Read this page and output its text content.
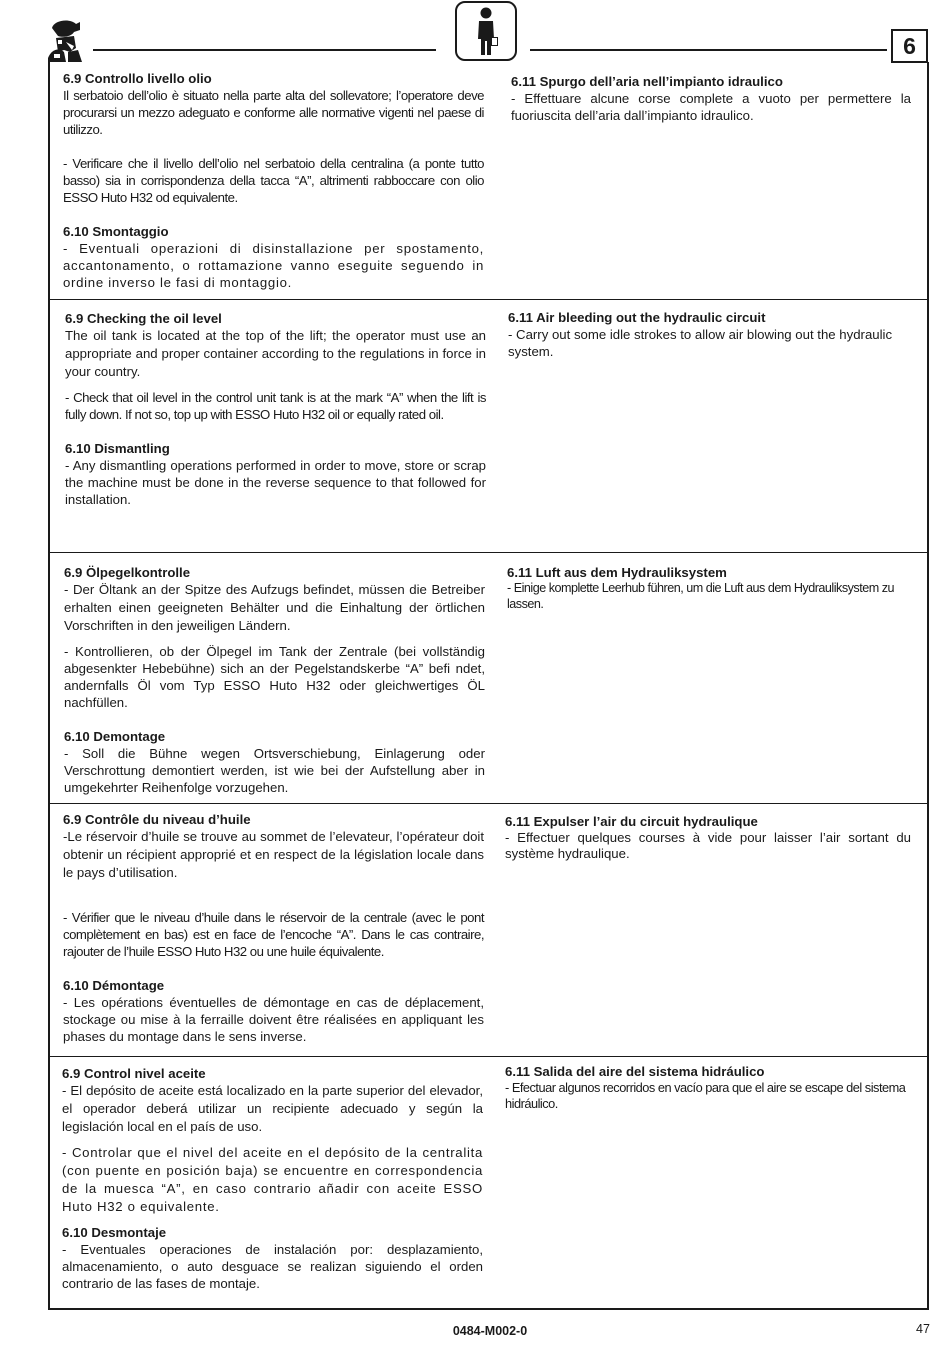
6

6.9 Controllo livello olio

Il serbatoio dell’olio è situato nella parte alta del sollevatore; l’operatore deve procurarsi un mezzo adeguato e conforme alle normative vigenti nel paese di utilizzo.

- Verificare che il livello dell’olio nel serbatoio della centralina (a ponte tutto basso) sia in corrispondenza della tacca “A”, altrimenti rabboccare con olio ESSO Huto H32 od equivalente.

6.10 Smontaggio

- Eventuali operazioni di disinstallazione per spostamento, accantonamento, o rottamazione vanno eseguite seguendo in ordine inverso le fasi di montaggio.

6.11 Spurgo dell’aria nell’impianto idraulico

- Effettuare alcune corse complete a vuoto per permettere la fuoriuscita dell’aria dall’impianto idraulico.

6.9 Checking the oil level

The oil tank is located at the top of the lift; the operator must use an appropriate and proper container according to the regulations in force in your country.

- Check that oil level in the control unit tank is at the mark “A” when the lift is fully down. If not so, top up with ESSO Huto H32 oil or equally rated oil.

6.10 Dismantling

- Any dismantling operations performed in order to move, store or scrap the machine must be done in the reverse sequence to that followed for installation.

6.11 Air bleeding out the hydraulic circuit

- Carry out some idle strokes to allow air blowing out the hydraulic system.

6.9 Ölpegelkontrolle

- Der Öltank an der Spitze des Aufzugs befindet, müssen die Betreiber erhalten einen geeigneten Behälter und die Einhaltung der örtlichen Vorschriften in den jeweiligen Ländern.

- Kontrollieren, ob der Ölpegel im Tank der Zentrale (bei vollständig abgesenkter Hebebühne) sich an der Pegelstandskerbe “A” befi ndet, andernfalls Öl vom Typ ESSO Huto H32 oder gleichwertiges ÖL nachfüllen.

6.10 Demontage

- Soll die Bühne wegen Ortsverschiebung, Einlagerung oder Verschrottung demontiert werden, ist wie bei der Aufstellung aber in umgekehrter Reihenfolge vorzugehen.

6.11 Luft aus dem Hydrauliksystem

- Einige komplette Leerhub führen, um die Luft aus dem Hydrauliksystem zu lassen.

6.9 Contrôle du niveau d’huile

-Le réservoir d’huile se trouve au sommet de l’elevateur, l’opérateur doit obtenir un récipient approprié et en respect de la législation locale dans le pays d’utilisation.

- Vérifier que le niveau d’huile dans le réservoir de la centrale (avec le pont complètement en bas) est en face de l’encoche “A”. Dans le cas contraire, rajouter de l’huile ESSO Huto H32 ou une huile équivalente.

6.10 Démontage

- Les opérations éventuelles de démontage en cas de déplacement, stockage ou mise à la ferraille doivent être réalisées en appliquant les phases du montage dans le sens inverse.

6.11 Expulser l’air du circuit hydraulique

- Effectuer quelques courses à vide pour laisser l’air sortant du système hydraulique.

6.9 Control nivel aceite

- El depósito de aceite está localizado en la parte superior del elevador, el operador deberá utilizar un recipiente adecuado y según la legislación local en el país de uso.

- Controlar que el nivel del aceite en el depósito de la centralita (con puente en posición baja) se encuentre en correspondencia de la muesca “A”, en caso contrario añadir con aceite ESSO Huto H32 o equivalente.

6.10 Desmontaje

- Eventuales operaciones de instalación por: desplazamiento, almacenamiento, o auto desguace se realizan siguiendo el orden contrario de las fases de montaje.

6.11 Salida del aire del sistema hidráulico

- Efectuar algunos recorridos en vacío para que el aire se escape del sistema hidráulico.

0484-M002-0	47
